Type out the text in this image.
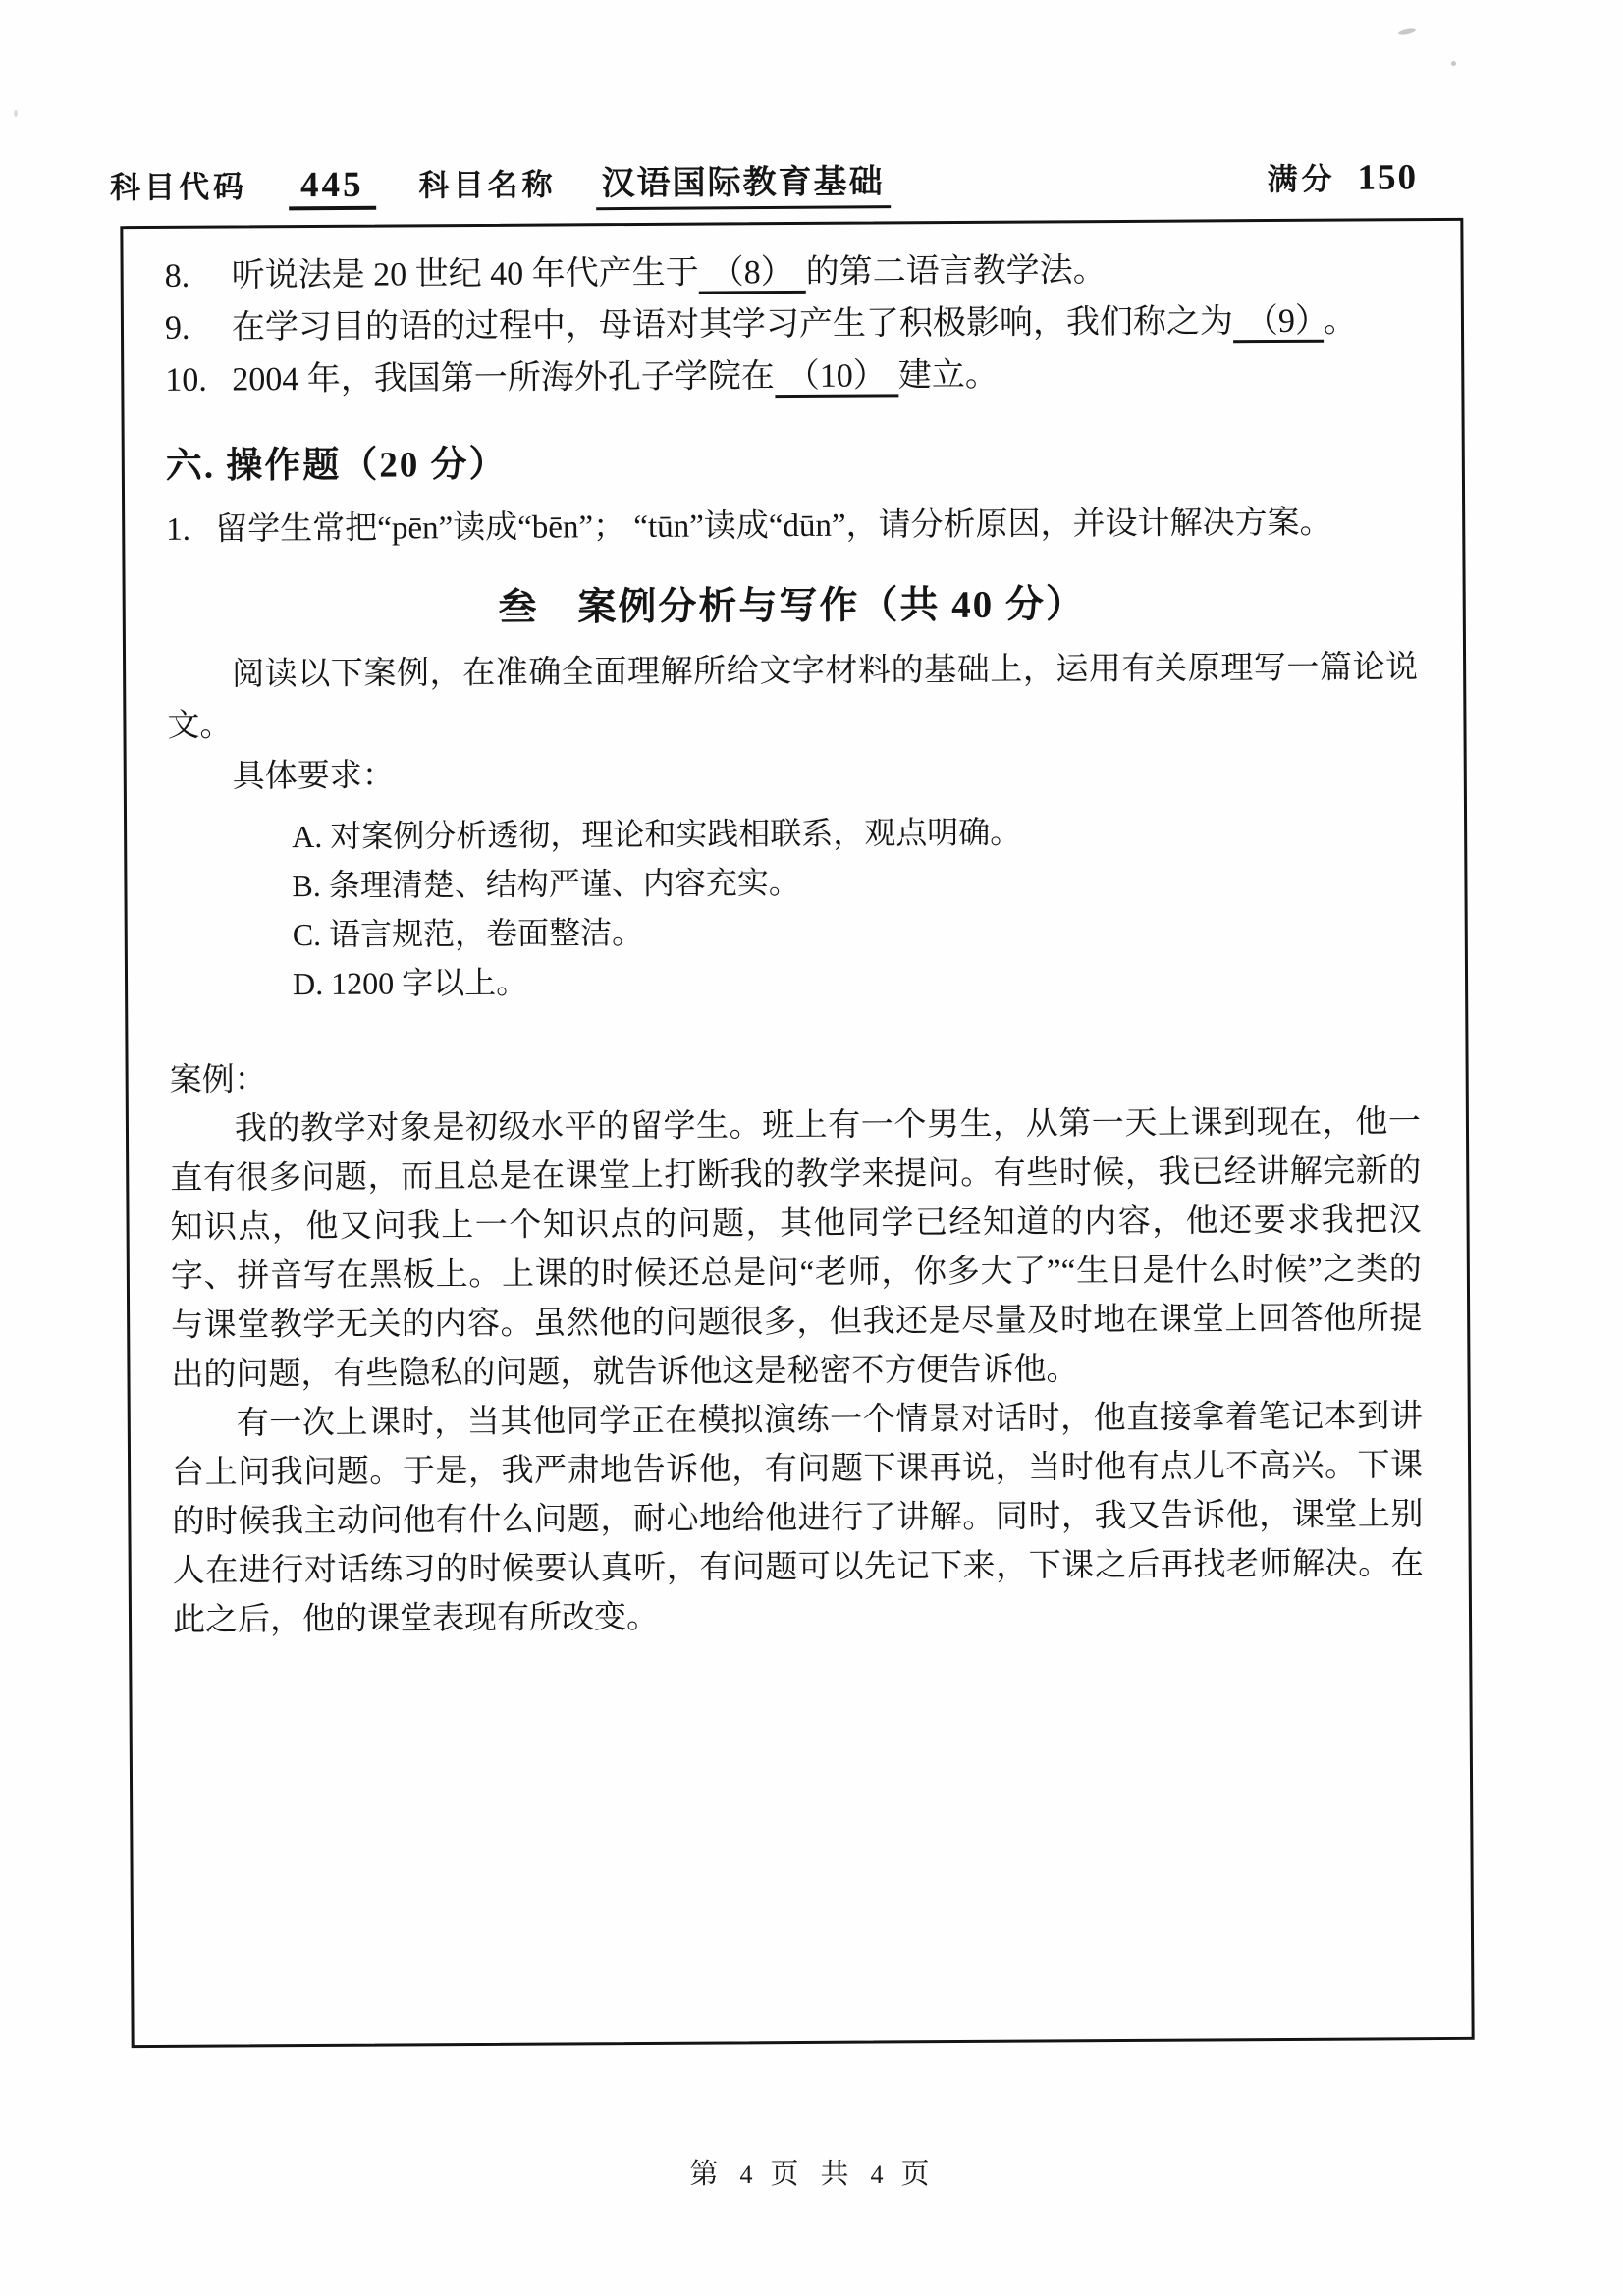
科目代码	445	科目名称 汉语国际教育基础	满分 150
8.	听说法是 20 世纪 40 年代产生于 （8） 的第二语言教学法。
9.	在学习目的语的过程中，母语对其学习产生了积极影响，我们称之为 （9） 。
10. 2004 年，我国第一所海外孔子学院在 （10） 建立。
六. 操作题（20 分）
1. 留学生常把“pēn”读成“bēn”； “tūn”读成“dūn”，请分析原因，并设计解决方案。
叁 案例分析与写作（共 40 分）

阅读以下案例，在准确全面理解所给文字材料的基础上，运用有关原理写一篇论说文。

具体要求：

A. 对案例分析透彻，理论和实践相联系，观点明确。
B. 条理清楚、结构严谨、内容充实。
C. 语言规范，卷面整洁。
D. 1200 字以上。
案例：

我的教学对象是初级水平的留学生。班上有一个男生，从第一天上课到现在，他一直有很多问题，而且总是在课堂上打断我的教学来提问。有些时候，我已经讲解完新的知识点，他又问我上一个知识点的问题，其他同学已经知道的内容，他还要求我把汉字、拼音写在黑板上。上课的时候还总是问“老师，你多大了”“生日是什么时候”之类的与课堂教学无关的内容。虽然他的问题很多，但我还是尽量及时地在课堂上回答他所提出的问题，有些隐私的问题，就告诉他这是秘密不方便告诉他。

有一次上课时，当其他同学正在模拟演练一个情景对话时，他直接拿着笔记本到讲台上问我问题。于是，我严肃地告诉他，有问题下课再说，当时他有点儿不高兴。下课的时候我主动问他有什么问题，耐心地给他进行了讲解。同时，我又告诉他，课堂上别人在进行对话练习的时候要认真听，有问题可以先记下来，下课之后再找老师解决。在此之后，他的课堂表现有所改变。

第 4 页 共 4 页
